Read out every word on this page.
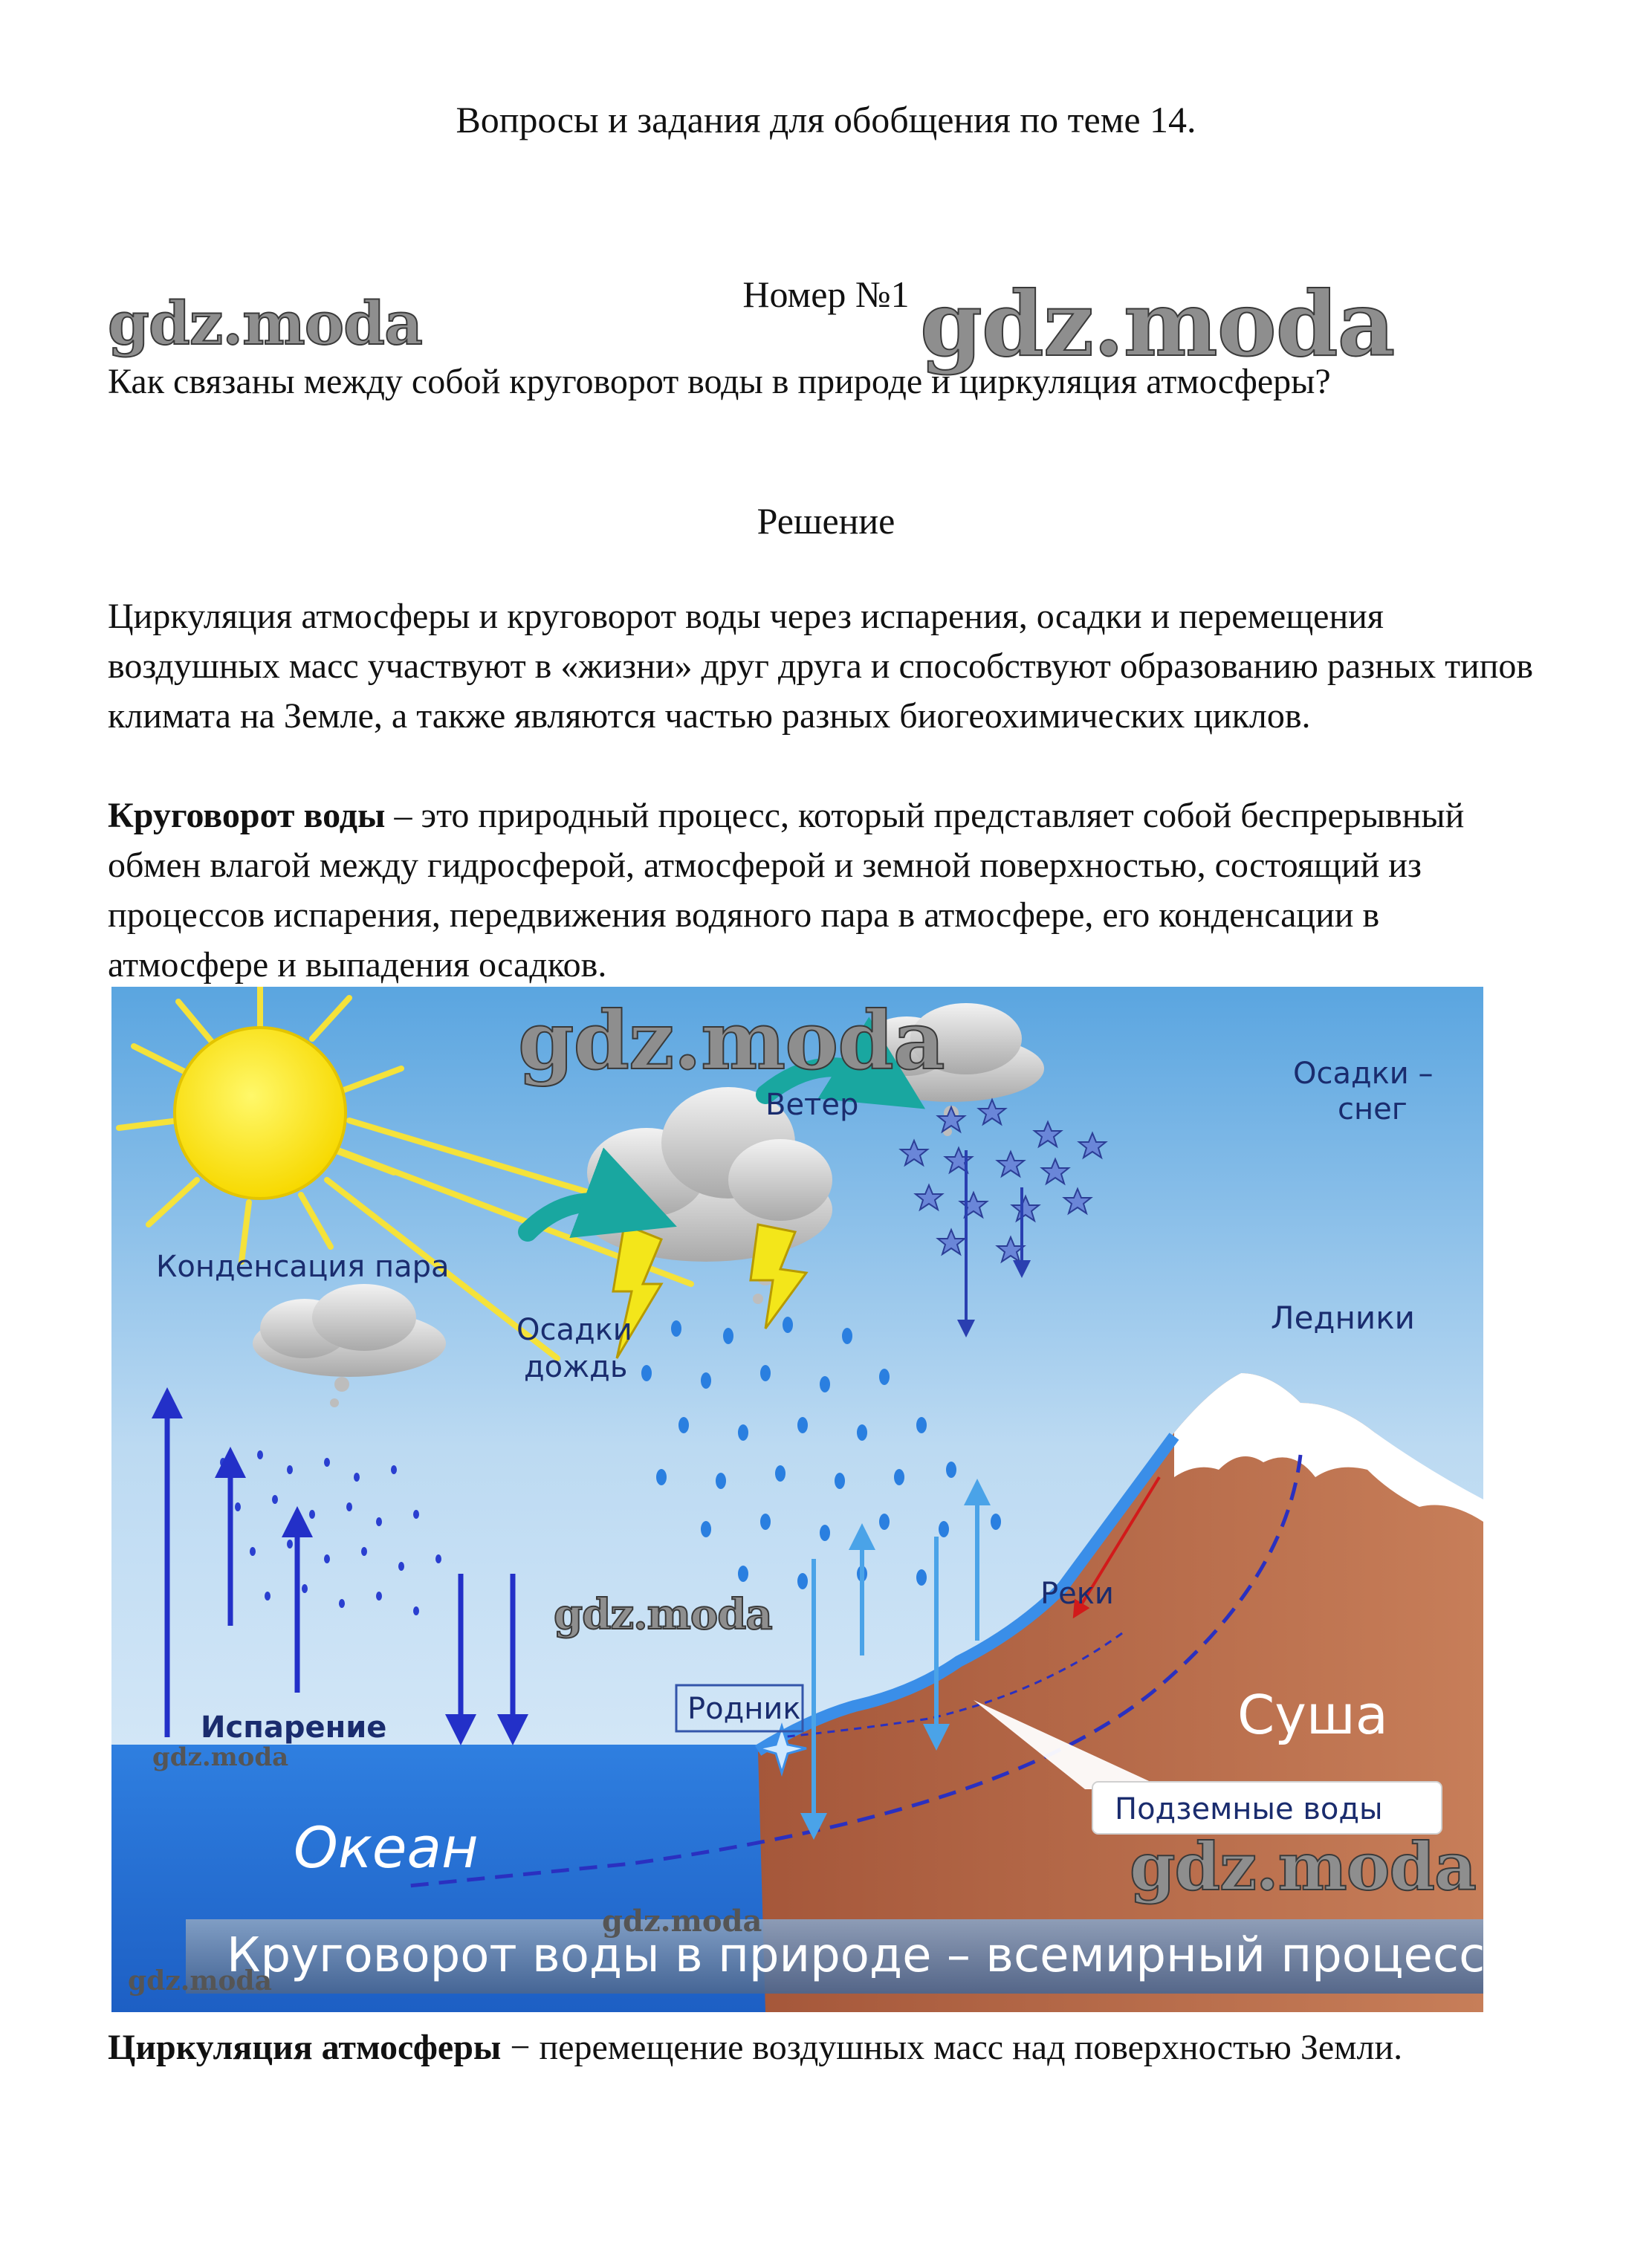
Вопросы и задания для обобщения по теме 14.
Номер №1
gdz.moda	gdz.moda
Как связаны между собой круговорот воды в природе и циркуляция атмосферы?
Решение
Циркуляция атмосферы и круговорот воды через испарения, осадки и перемещения воздушных масс участвуют в «жизни» друг друга и способствуют образованию разных типов климата на Земле, а также являются частью разных биогеохимических циклов.
Круговорот воды – это природный процесс, который представляет собой беспрерывный обмен влагой между гидросферой, атмосферой и земной поверхностью, состоящий из процессов испарения, передвижения водяного пара в атмосфере, его конденсации в атмосфере и выпадения осадков.
Ветер
Осадки –
снег
Конденсация пара
Осадки
дождь
Ледники
Реки
Родник
Испарение	Суша
Подземные воды
Океан
Круговорот воды в природе – всемирный процесс
gdz.moda
gdz.moda
gdz.moda
gdz.moda
gdz.moda
gdz.moda
Циркуляция атмосферы − перемещение воздушных масс над поверхностью Земли.
